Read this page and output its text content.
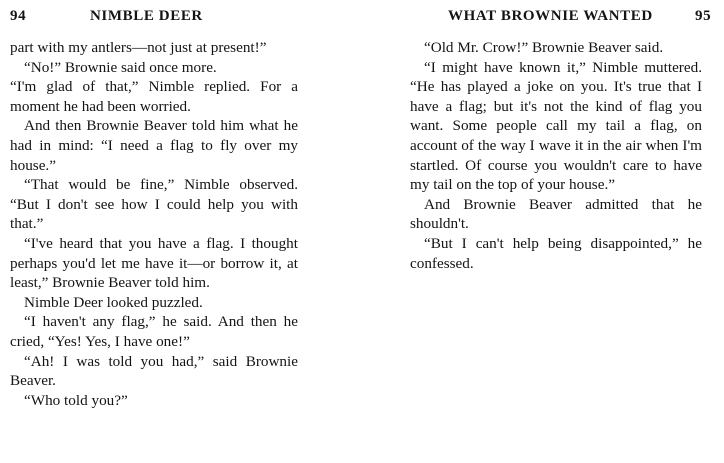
94	NIMBLE DEER

part with my antlers—not just at present!”

“No!” Brownie said once more.

“I'm glad of that,” Nimble replied. For a moment he had been worried.

And then Brownie Beaver told him what he had in mind: “I need a flag to fly over my house.”

“That would be fine,” Nimble observed. “But I don't see how I could help you with that.”

“I've heard that you have a flag. I thought perhaps you'd let me have it—or borrow it, at least,” Brownie Beaver told him.

Nimble Deer looked puzzled.

“I haven't any flag,” he said. And then he cried, “Yes! Yes, I have one!”

“Ah! I was told you had,” said Brownie Beaver.

“Who told you?”

WHAT BROWNIE WANTED	95

“Old Mr. Crow!” Brownie Beaver said.

“I might have known it,” Nimble muttered. “He has played a joke on you. It's true that I have a flag; but it's not the kind of flag you want. Some people call my tail a flag, on account of the way I wave it in the air when I'm startled. Of course you wouldn't care to have my tail on the top of your house.”

And Brownie Beaver admitted that he shouldn't.

“But I can't help being disappointed,” he confessed.
